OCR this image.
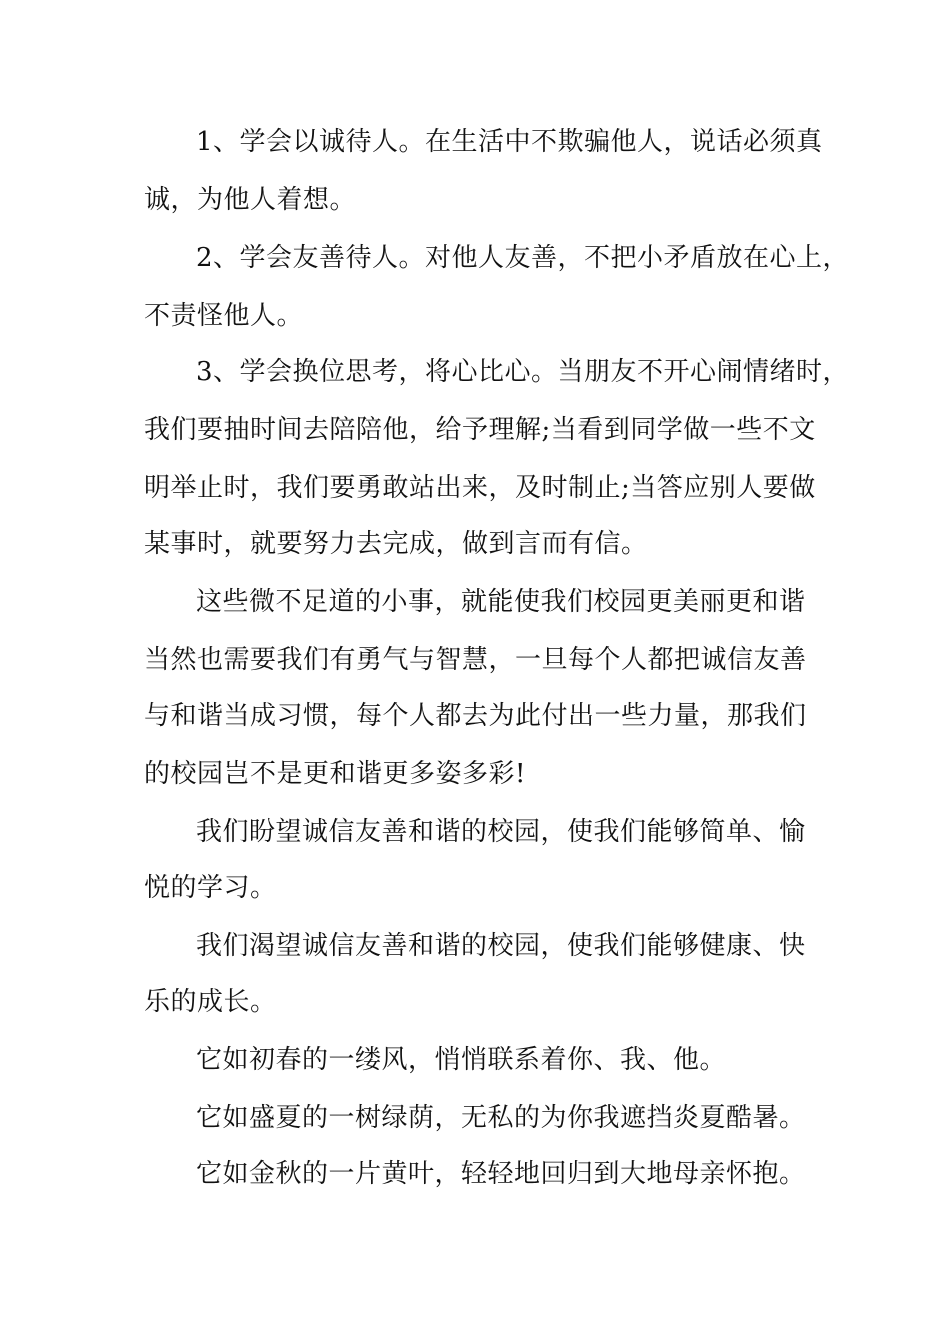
1、学会以诚待人。在生活中不欺骗他人，说话必须真
诚，为他人着想。
2、学会友善待人。对他人友善，不把小矛盾放在心上，
不责怪他人。
3、学会换位思考，将心比心。当朋友不开心闹情绪时，
我们要抽时间去陪陪他，给予理解;当看到同学做一些不文
明举止时，我们要勇敢站出来，及时制止;当答应别人要做
某事时，就要努力去完成，做到言而有信。
这些微不足道的小事，就能使我们校园更美丽更和谐
当然也需要我们有勇气与智慧，一旦每个人都把诚信友善
与和谐当成习惯，每个人都去为此付出一些力量，那我们
的校园岂不是更和谐更多姿多彩!
我们盼望诚信友善和谐的校园，使我们能够简单、愉
悦的学习。
我们渴望诚信友善和谐的校园，使我们能够健康、快
乐的成长。
它如初春的一缕风，悄悄联系着你、我、他。
它如盛夏的一树绿荫，无私的为你我遮挡炎夏酷暑。
它如金秋的一片黄叶，轻轻地回归到大地母亲怀抱。
